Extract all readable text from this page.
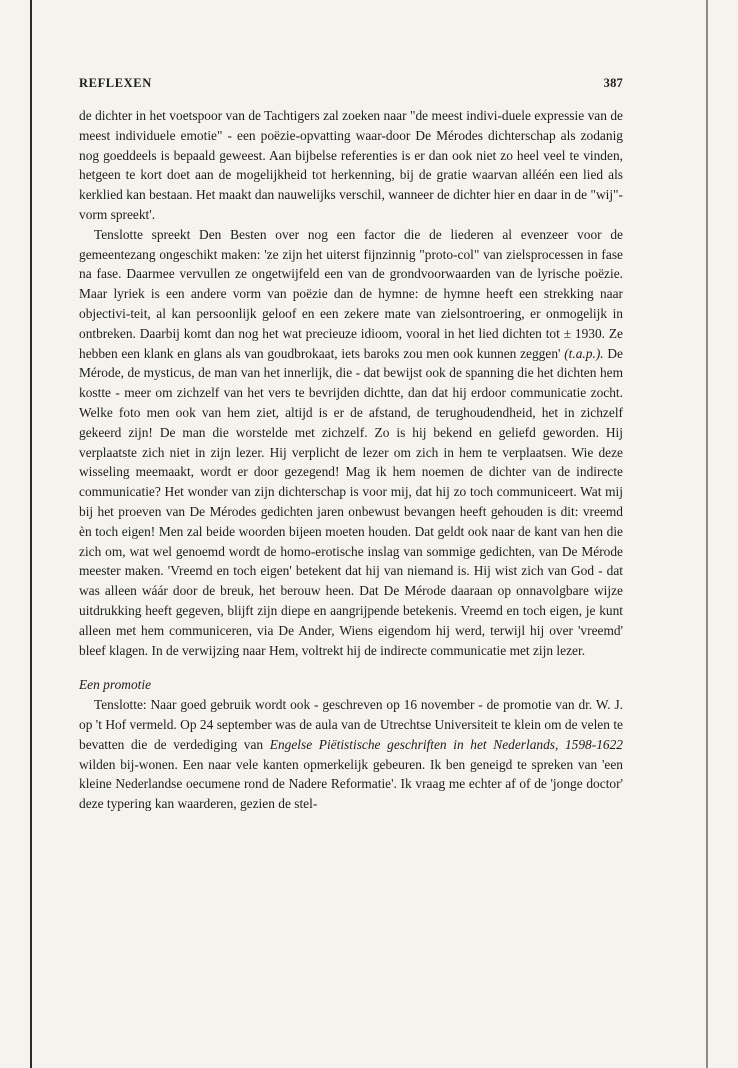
REFLEXEN	387

de dichter in het voetspoor van de Tachtigers zal zoeken naar "de meest indivi-duele expressie van de meest individuele emotie" - een poëzie-opvatting waar-door De Mérodes dichterschap als zodanig nog goeddeels is bepaald geweest. Aan bijbelse referenties is er dan ook niet zo heel veel te vinden, hetgeen te kort doet aan de mogelijkheid tot herkenning, bij de gratie waarvan alléén een lied als kerklied kan bestaan. Het maakt dan nauwelijks verschil, wanneer de dichter hier en daar in de "wij"-vorm spreekt'.

Tenslotte spreekt Den Besten over nog een factor die de liederen al evenzeer voor de gemeentezang ongeschikt maken: 'ze zijn het uiterst fijnzinnig "proto-col" van zielsprocessen in fase na fase. Daarmee vervullen ze ongetwijfeld een van de grondvoorwaarden van de lyrische poëzie. Maar lyriek is een andere vorm van poëzie dan de hymne: de hymne heeft een strekking naar objectivi-teit, al kan persoonlijk geloof en een zekere mate van zielsontroering, er onmogelijk in ontbreken. Daarbij komt dan nog het wat precieuze idioom, vooral in het lied dichten tot ± 1930. Ze hebben een klank en glans als van goudbrokaat, iets baroks zou men ook kunnen zeggen' (t.a.p.). De Mérode, de mysticus, de man van het innerlijk, die - dat bewijst ook de spanning die het dichten hem kostte - meer om zichzelf van het vers te bevrijden dichtte, dan dat hij erdoor communicatie zocht. Welke foto men ook van hem ziet, altijd is er de afstand, de terughoudendheid, het in zichzelf gekeerd zijn! De man die worstelde met zichzelf. Zo is hij bekend en geliefd geworden. Hij verplaatste zich niet in zijn lezer. Hij verplicht de lezer om zich in hem te verplaatsen. Wie deze wisseling meemaakt, wordt er door gezegend! Mag ik hem noemen de dichter van de indirecte communicatie? Het wonder van zijn dichterschap is voor mij, dat hij zo toch communiceert. Wat mij bij het proeven van De Mérodes gedichten jaren onbewust bevangen heeft gehouden is dit: vreemd èn toch eigen! Men zal beide woorden bijeen moeten houden. Dat geldt ook naar de kant van hen die zich om, wat wel genoemd wordt de homo-erotische inslag van sommige gedichten, van De Mérode meester maken. 'Vreemd en toch eigen' betekent dat hij van niemand is. Hij wist zich van God - dat was alleen wáár door de breuk, het berouw heen. Dat De Mérode daaraan op onnavolgbare wijze uitdrukking heeft gegeven, blijft zijn diepe en aangrijpende betekenis. Vreemd en toch eigen, je kunt alleen met hem communiceren, via De Ander, Wiens eigendom hij werd, terwijl hij over 'vreemd' bleef klagen. In de verwijzing naar Hem, voltrekt hij de indirecte communicatie met zijn lezer.

Een promotie

Tenslotte: Naar goed gebruik wordt ook - geschreven op 16 november - de promotie van dr. W. J. op 't Hof vermeld. Op 24 september was de aula van de Utrechtse Universiteit te klein om de velen te bevatten die de verdediging van Engelse Piëtistische geschriften in het Nederlands, 1598-1622 wilden bij-wonen. Een naar vele kanten opmerkelijk gebeuren. Ik ben geneigd te spreken van 'een kleine Nederlandse oecumene rond de Nadere Reformatie'. Ik vraag me echter af of de 'jonge doctor' deze typering kan waarderen, gezien de stel-
